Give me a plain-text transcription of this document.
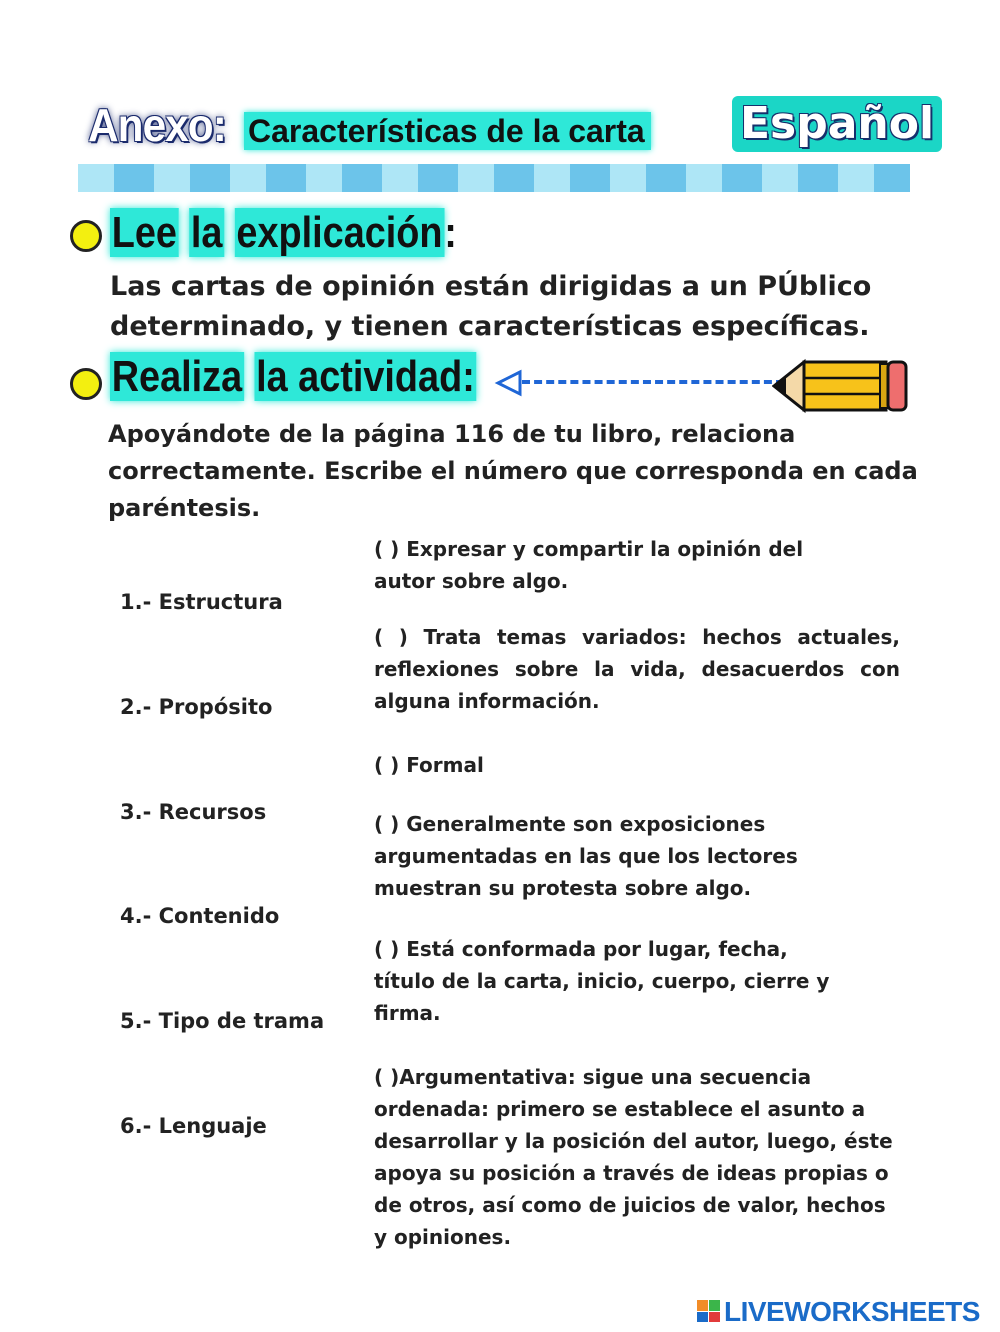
Anexo: Características de la carta Español
Lee la explicación:
Las cartas de opinión están dirigidas a un PÚblico
determinado, y tienen características específicas.
Realiza la actividad:
Apoyándote de la página 116 de tu libro, relaciona
correctamente. Escribe el número que corresponda en cada
paréntesis.
1.- Estructura
2.- Propósito
3.- Recursos
4.- Contenido
5.- Tipo de trama
6.- Lenguaje
( ) Expresar y compartir la opinión del
autor sobre algo.
( ) Trata temas variados: hechos actuales, reflexiones sobre la vida, desacuerdos con alguna información.
( ) Formal
( ) Generalmente son exposiciones
argumentadas en las que los lectores
muestran su protesta sobre algo.
( ) Está conformada por lugar, fecha,
título de la carta, inicio, cuerpo, cierre y
firma.
( )Argumentativa: sigue una secuencia
ordenada: primero se establece el asunto a
desarrollar y la posición del autor, luego, éste
apoya su posición a través de ideas propias o
de otros, así como de juicios de valor, hechos
y opiniones.
LIVEWORKSHEETS
